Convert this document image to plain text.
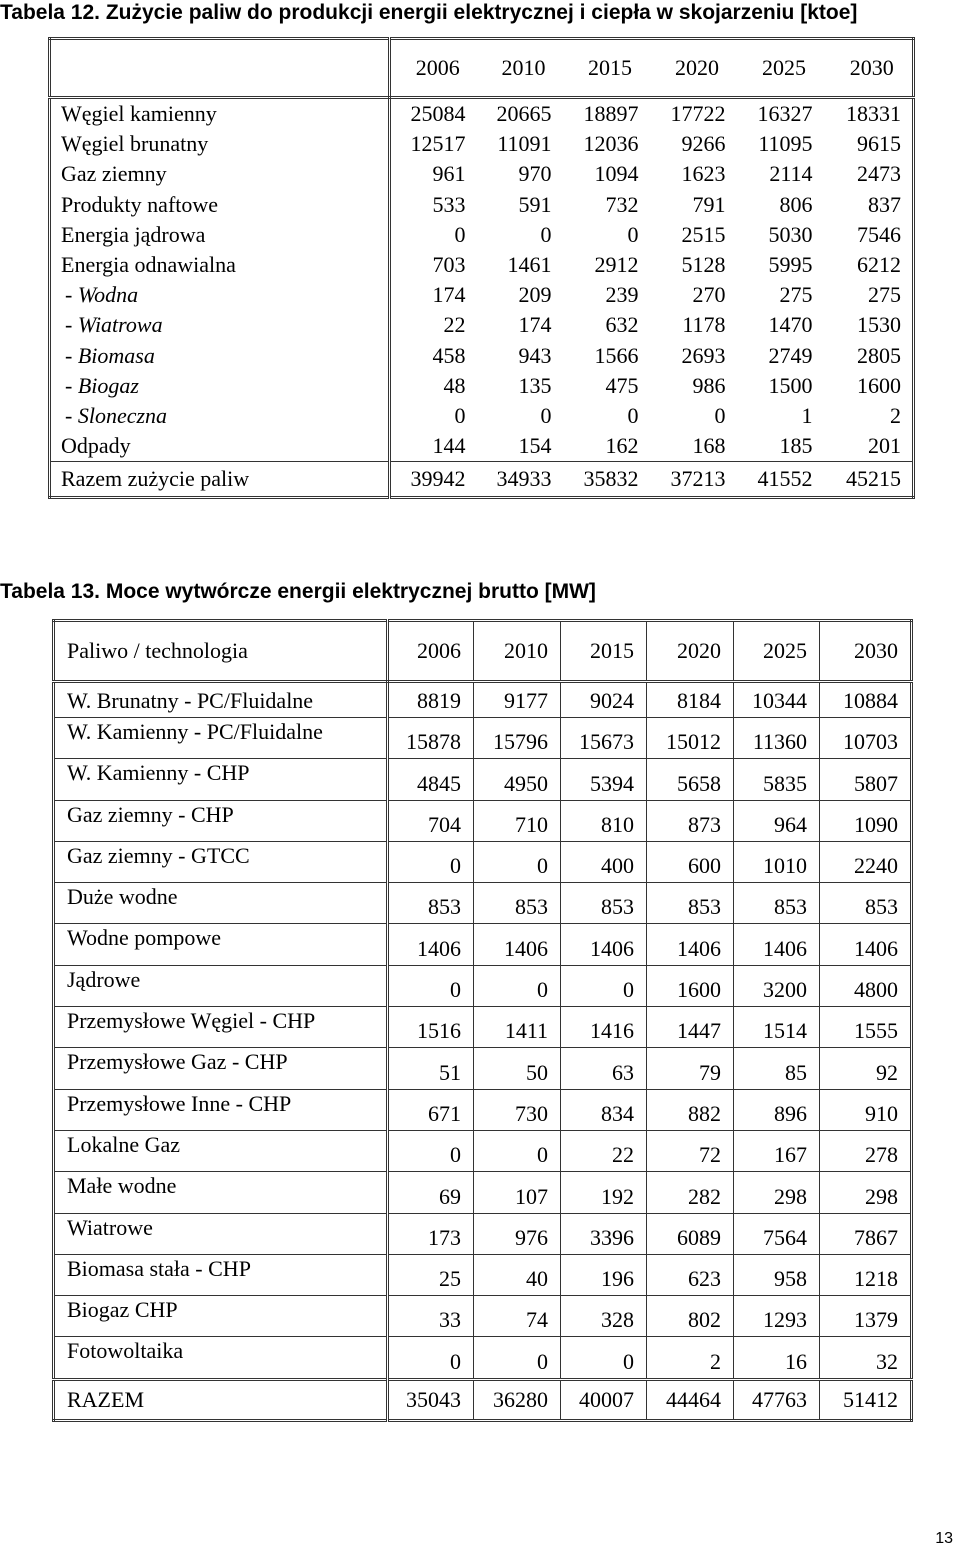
Tabela 12. Zużycie paliw do produkcji energii elektrycznej i ciepła w skojarzeniu [ktoe]

	2006	2010	2015	2020	2025	2030
Węgiel kamienny	25084	20665	18897	17722	16327	18331
Węgiel brunatny	12517	11091	12036	9266	11095	9615
Gaz ziemny	961	970	1094	1623	2114	2473
Produkty naftowe	533	591	732	791	806	837
Energia jądrowa	0	0	0	2515	5030	7546
Energia odnawialna	703	1461	2912	5128	5995	6212
- Wodna	174	209	239	270	275	275
- Wiatrowa	22	174	632	1178	1470	1530
- Biomasa	458	943	1566	2693	2749	2805
- Biogaz	48	135	475	986	1500	1600
- Sloneczna	0	0	0	0	1	2
Odpady	144	154	162	168	185	201
Razem zużycie paliw	39942	34933	35832	37213	41552	45215

Tabela 13. Moce wytwórcze energii elektrycznej brutto [MW]

Paliwo / technologia	2006	2010	2015	2020	2025	2030
W. Brunatny - PC/Fluidalne	8819	9177	9024	8184	10344	10884
W. Kamienny - PC/Fluidalne	15878	15796	15673	15012	11360	10703
W. Kamienny - CHP	4845	4950	5394	5658	5835	5807
Gaz ziemny - CHP	704	710	810	873	964	1090
Gaz ziemny - GTCC	0	0	400	600	1010	2240
Duże wodne	853	853	853	853	853	853
Wodne pompowe	1406	1406	1406	1406	1406	1406
Jądrowe	0	0	0	1600	3200	4800
Przemysłowe Węgiel - CHP	1516	1411	1416	1447	1514	1555
Przemysłowe Gaz - CHP	51	50	63	79	85	92
Przemysłowe Inne - CHP	671	730	834	882	896	910
Lokalne Gaz	0	0	22	72	167	278
Małe wodne	69	107	192	282	298	298
Wiatrowe	173	976	3396	6089	7564	7867
Biomasa stała - CHP	25	40	196	623	958	1218
Biogaz CHP	33	74	328	802	1293	1379
Fotowoltaika	0	0	0	2	16	32
RAZEM	35043	36280	40007	44464	47763	51412

13
